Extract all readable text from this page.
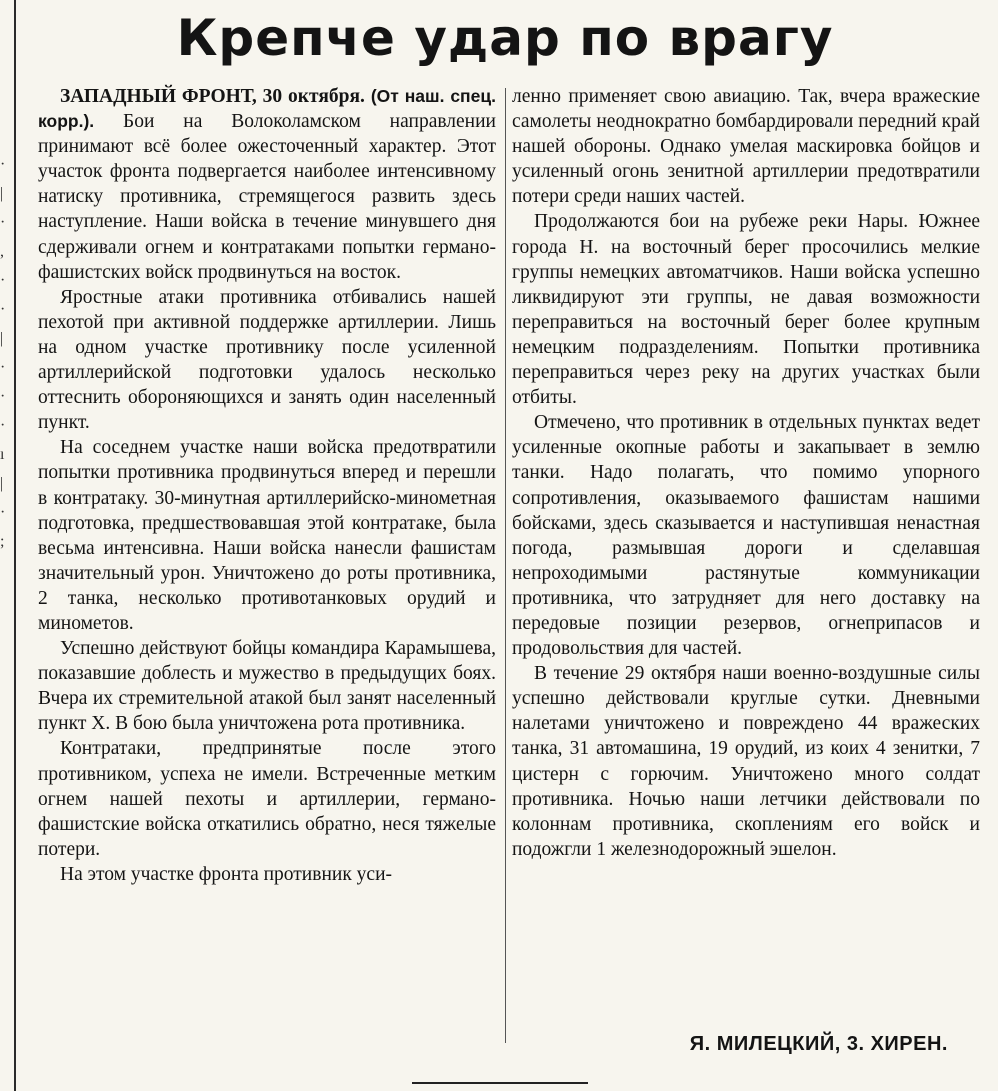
·
|
·
,
·
·
|
·
·
·
ı
|
·
;
Крепче удар по врагу

ЗАПАДНЫЙ ФРОНТ, 30 октября. (От наш. спец. корр.). Бои на Волоколамском направлении принимают всё более ожесточенный характер. Этот участок фронта подвергается наиболее интенсивному натиску противника, стремящегося развить здесь наступление. Наши войска в течение минувшего дня сдерживали огнем и контратаками попытки германо-фашистских войск продвинуться на восток.

Яростные атаки противника отбивались нашей пехотой при активной поддержке артиллерии. Лишь на одном участке противнику после усиленной артиллерийской подготовки удалось несколько оттеснить обороняющихся и занять один населенный пункт.

На соседнем участке наши войска предотвратили попытки противника продвинуться вперед и перешли в контратаку. 30-минутная артиллерийско-минометная подготовка, предшествовавшая этой контратаке, была весьма интенсивна. Наши войска нанесли фашистам значительный урон. Уничтожено до роты противника, 2 танка, несколько противотанковых орудий и минометов.

Успешно действуют бойцы командира Карамышева, показавшие доблесть и мужество в предыдущих боях. Вчера их стремительной атакой был занят населенный пункт Х. В бою была уничтожена рота противника.

Контратаки, предпринятые после этого противником, успеха не имели. Встреченные метким огнем нашей пехоты и артиллерии, германо-фашистские войска откатились обратно, неся тяжелые потери.

На этом участке фронта противник уси-

ленно применяет свою авиацию. Так, вчера вражеские самолеты неоднократно бомбардировали передний край нашей обороны. Однако умелая маскировка бойцов и усиленный огонь зенитной артиллерии предотвратили потери среди наших частей.

Продолжаются бои на рубеже реки Нары. Южнее города Н. на восточный берег просочились мелкие группы немецких автоматчиков. Наши войска успешно ликвидируют эти группы, не давая возможности переправиться на восточный берег более крупным немецким подразделениям. Попытки противника переправиться через реку на других участках были отбиты.

Отмечено, что противник в отдельных пунктах ведет усиленные окопные работы и закапывает в землю танки. Надо полагать, что помимо упорного сопротивления, оказываемого фашистам нашими бойсками, здесь сказывается и наступившая ненастная погода, размывшая дороги и сделавшая непроходимыми растянутые коммуникации противника, что затрудняет для него доставку на передовые позиции резервов, огнеприпасов и продовольствия для частей.

В течение 29 октября наши военно-воздушные силы успешно действовали круглые сутки. Дневными налетами уничтожено и повреждено 44 вражеских танка, 31 автомашина, 19 орудий, из коих 4 зенитки, 7 цистерн с горючим. Уничтожено много солдат противника. Ночью наши летчики действовали по колоннам противника, скоплениям его войск и подожгли 1 железнодорожный эшелон.

Я. МИЛЕЦКИЙ, 3. ХИРЕН.
